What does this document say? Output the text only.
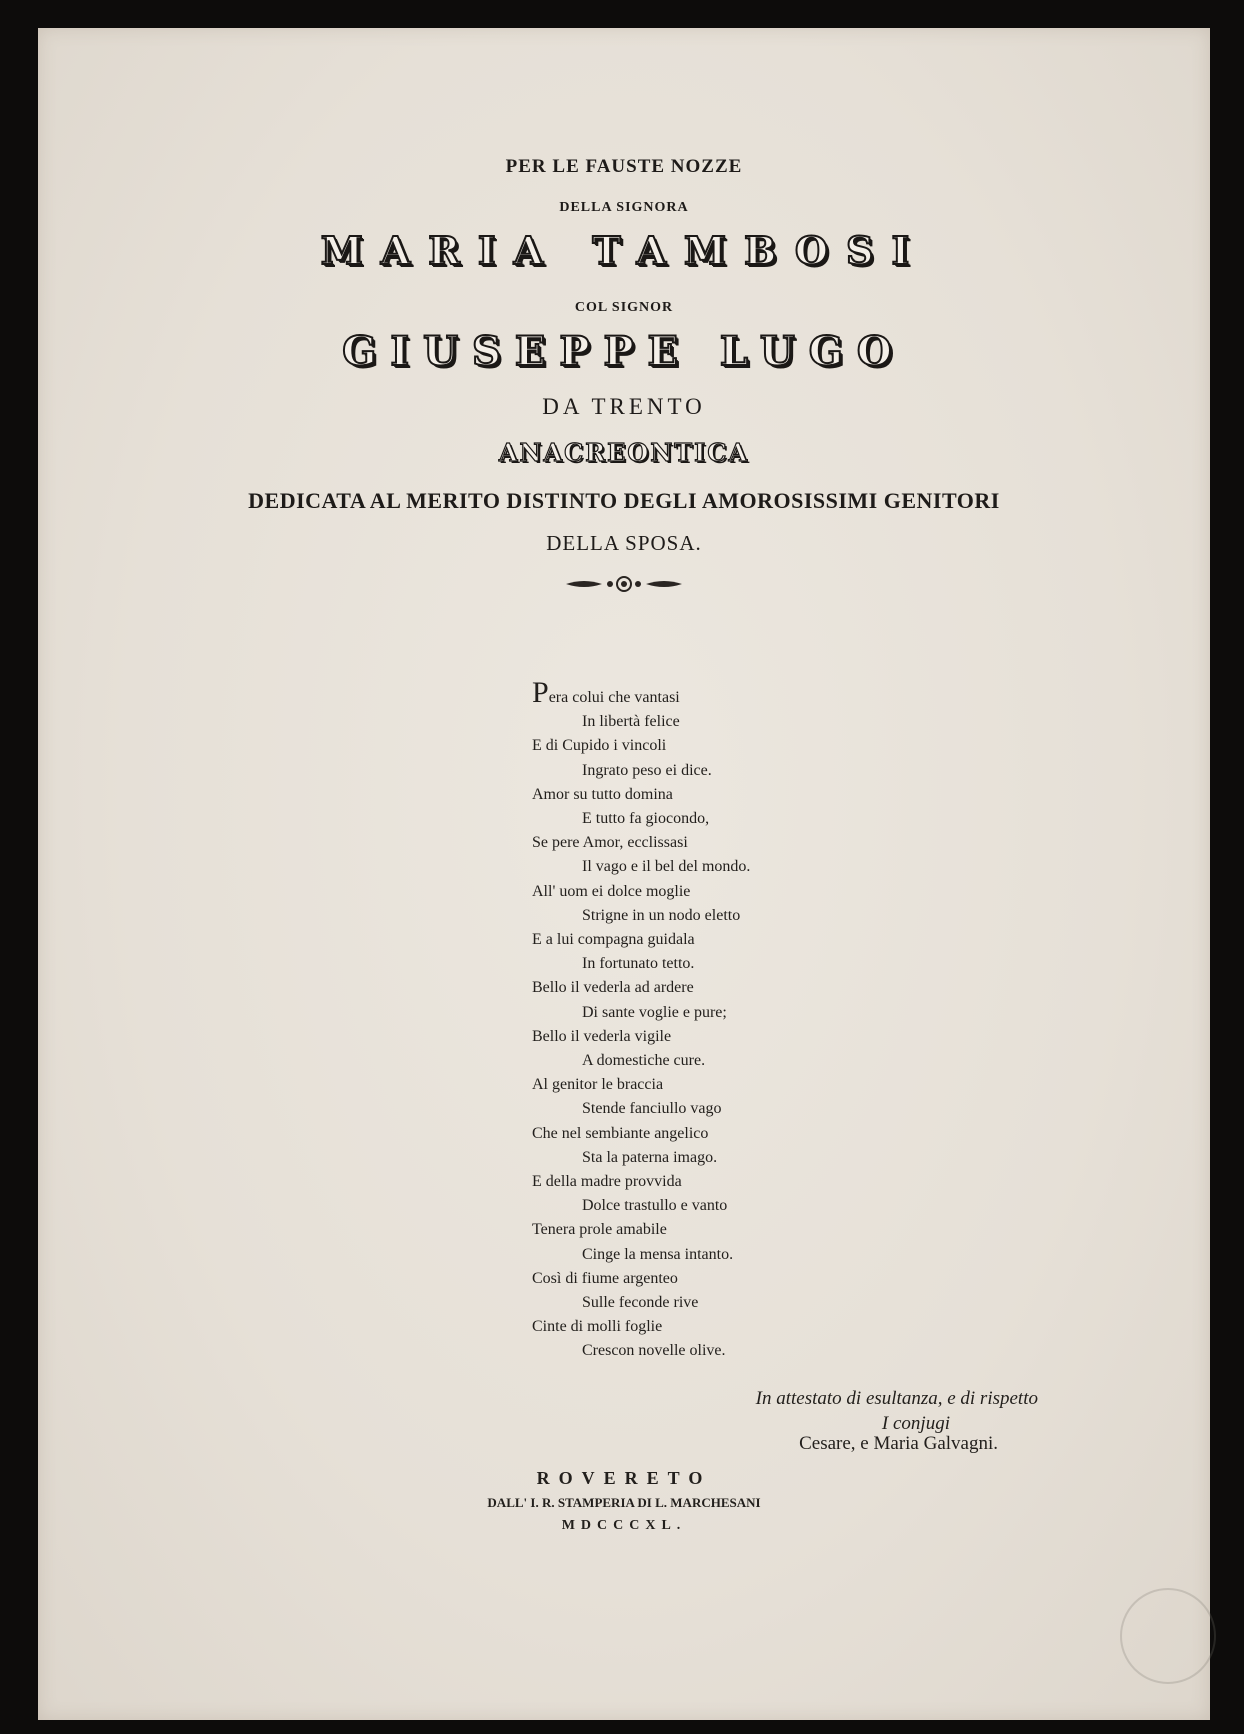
PER LE FAUSTE NOZZE
DELLA SIGNORA
MARIA TAMBOSI
COL SIGNOR
GIUSEPPE LUGO
DA TRENTO
ANACREONTICA
DEDICATA AL MERITO DISTINTO DEGLI AMOROSISSIMI GENITORI
DELLA SPOSA.
Pera colui che vantasi
In libertà felice
E di Cupido i vincoli
Ingrato peso ei dice.
Amor su tutto domina
E tutto fa giocondo,
Se pere Amor, ecclissasi
Il vago e il bel del mondo.
All' uom ei dolce moglie
Strigne in un nodo eletto
E a lui compagna guidala
In fortunato tetto.
Bello il vederla ad ardere
Di sante voglie e pure;
Bello il vederla vigile
A domestiche cure.
Al genitor le braccia
Stende fanciullo vago
Che nel sembiante angelico
Sta la paterna imago.
E della madre provvida
Dolce trastullo e vanto
Tenera prole amabile
Cinge la mensa intanto.
Così di fiume argenteo
Sulle feconde rive
Cinte di molli foglie
Crescon novelle olive.
In attestato di esultanza, e di rispetto
I conjugi
Cesare, e Maria Galvagni.
ROVERETO
DALL' I. R. STAMPERIA DI L. MARCHESANI
MDCCCXL.
